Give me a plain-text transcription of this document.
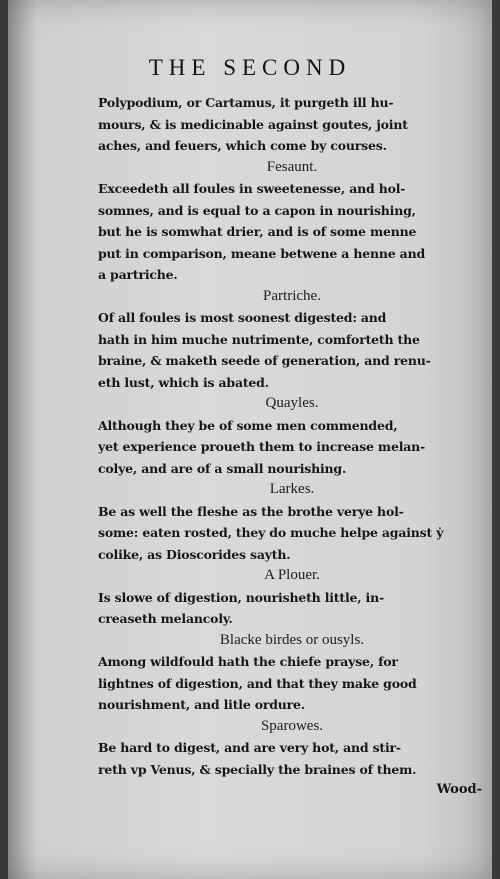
THE SECOND
Polypodium, or Cartamus, it purgeth ill hu-
mours, & is medicinable against goutes, joint
aches, and feuers, which come by courses.
Fesaunt.
Exceedeth all foules in sweetenesse, and hol-
somnes, and is equal to a capon in nourishing,
but he is somwhat drier, and is of some menne
put in comparison, meane betwene a henne and
a partriche.
Partriche.
Of all foules is most soonest digested: and
hath in him muche nutrimente, comforteth the
braine, & maketh seede of generation, and renu-
eth lust, which is abated.
Quayles.
Although they be of some men commended,
yet experience proueth them to increase melan-
colye, and are of a small nourishing.
Larkes.
Be as well the fleshe as the brothe verye hol-
some: eaten rosted, they do muche helpe against ẏ
colike, as Dioscorides sayth.
A Plouer.
Is slowe of digestion, nourisheth little, in-
creaseth melancoly.
Blacke birdes or ousyls.
Among wildfould hath the chiefe prayse, for
lightnes of digestion, and that they make good
nourishment, and litle ordure.
Sparowes.
Be hard to digest, and are very hot, and stir-
reth vp Venus, & specially the braines of them.
Wood-
